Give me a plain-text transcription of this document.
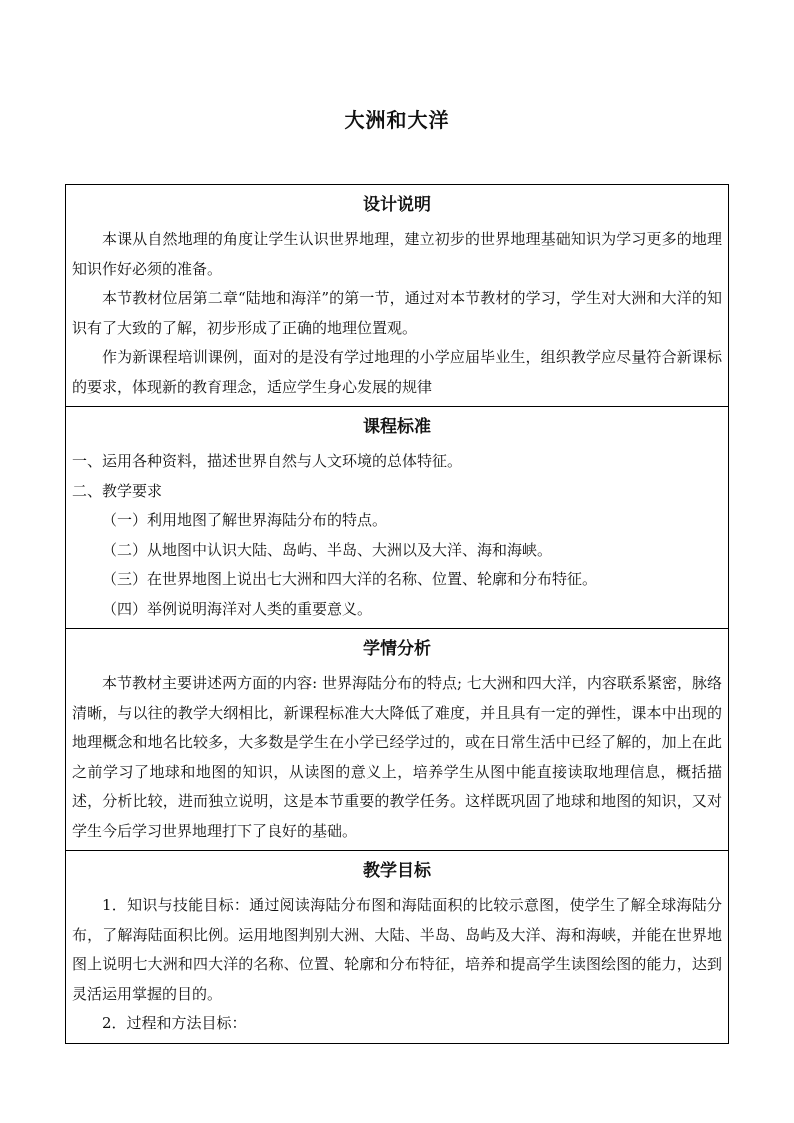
大洲和大洋
设计说明

本课从自然地理的角度让学生认识世界地理，建立初步的世界地理基础知识为学习更多的地理知识作好必须的准备。

本节教材位居第二章“陆地和海洋”的第一节，通过对本节教材的学习，学生对大洲和大洋的知识有了大致的了解，初步形成了正确的地理位置观。

作为新课程培训课例，面对的是没有学过地理的小学应届毕业生，组织教学应尽量符合新课标的要求，体现新的教育理念，适应学生身心发展的规律

课程标准

一、运用各种资料，描述世界自然与人文环境的总体特征。

二、教学要求

（一）利用地图了解世界海陆分布的特点。

（二）从地图中认识大陆、岛屿、半岛、大洲以及大洋、海和海峡。

（三）在世界地图上说出七大洲和四大洋的名称、位置、轮廓和分布特征。

（四）举例说明海洋对人类的重要意义。

学情分析

本节教材主要讲述两方面的内容: 世界海陆分布的特点; 七大洲和四大洋，内容联系紧密，脉络清晰，与以往的教学大纲相比，新课程标准大大降低了难度，并且具有一定的弹性，课本中出现的地理概念和地名比较多，大多数是学生在小学已经学过的，或在日常生活中已经了解的，加上在此之前学习了地球和地图的知识，从读图的意义上，培养学生从图中能直接读取地理信息，概括描述，分析比较，进而独立说明，这是本节重要的教学任务。这样既巩固了地球和地图的知识，又对学生今后学习世界地理打下了良好的基础。

教学目标

1．知识与技能目标：通过阅读海陆分布图和海陆面积的比较示意图，使学生了解全球海陆分布，了解海陆面积比例。运用地图判别大洲、大陆、半岛、岛屿及大洋、海和海峡，并能在世界地图上说明七大洲和四大洋的名称、位置、轮廓和分布特征，培养和提高学生读图绘图的能力，达到灵活运用掌握的目的。

2．过程和方法目标：
